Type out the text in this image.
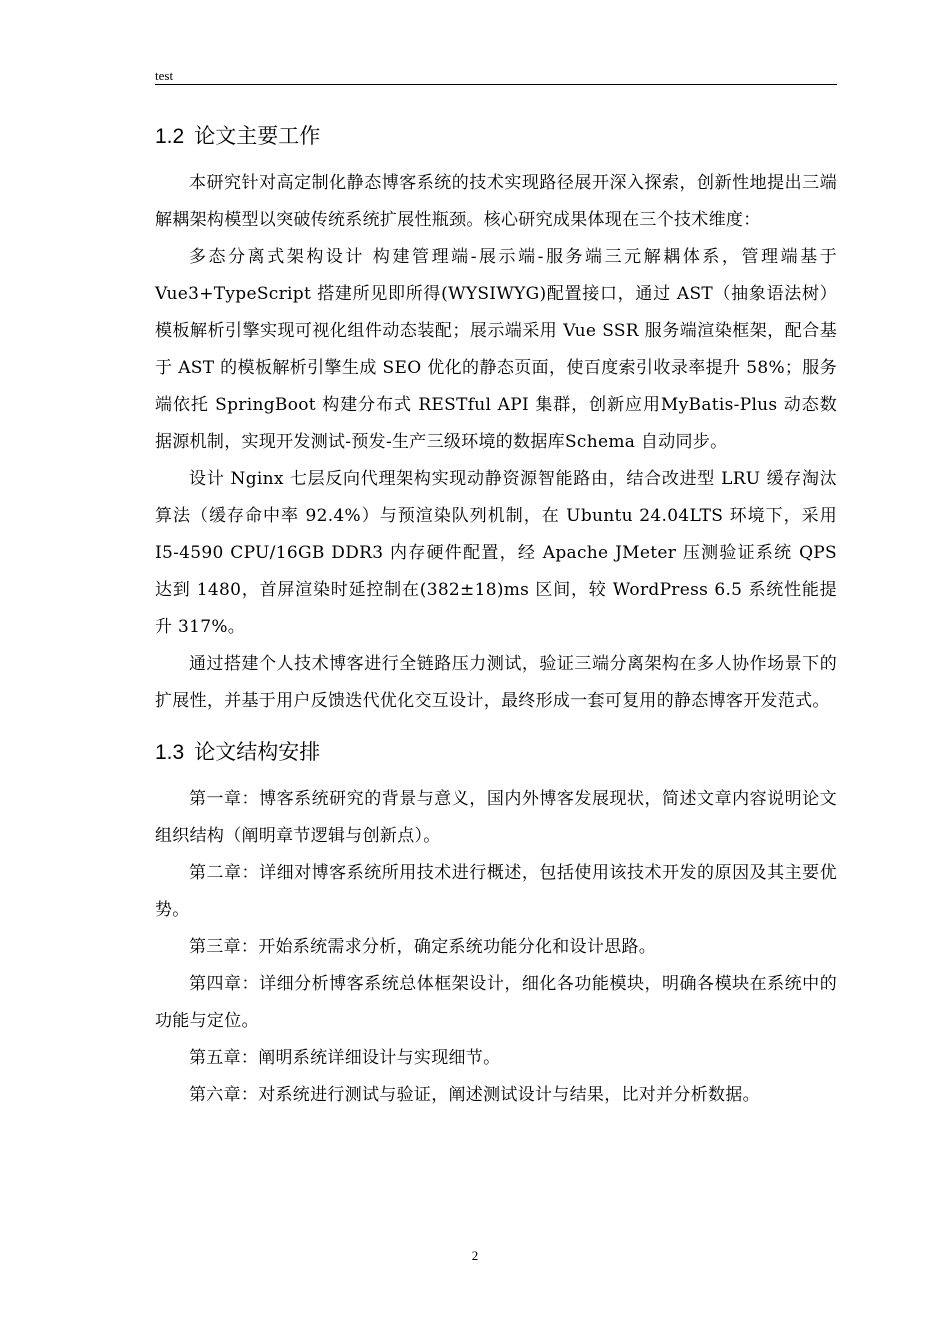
test
1.2 论文主要工作

本研究针对高定制化静态博客系统的技术实现路径展开深入探索，创新性地提出三端解耦架构模型以突破传统系统扩展性瓶颈。核心研究成果体现在三个技术维度：

多态分离式架构设计 构建管理端-展示端-服务端三元解耦体系，管理端基于Vue3+TypeScript 搭建所见即所得(WYSIWYG)配置接口，通过 AST（抽象语法树）模板解析引擎实现可视化组件动态装配；展示端采用 Vue SSR 服务端渲染框架，配合基于 AST 的模板解析引擎生成 SEO 优化的静态页面，使百度索引收录率提升 58%；服务端依托 SpringBoot 构建分布式 RESTful API 集群，创新应用MyBatis-Plus 动态数据源机制，实现开发测试-预发-生产三级环境的数据库Schema 自动同步。

设计 Nginx 七层反向代理架构实现动静资源智能路由，结合改进型 LRU 缓存淘汰算法（缓存命中率 92.4%）与预渲染队列机制，在 Ubuntu 24.04LTS 环境下，采用 I5-4590 CPU/16GB DDR3 内存硬件配置，经 Apache JMeter 压测验证系统 QPS 达到 1480，首屏渲染时延控制在(382±18)ms 区间，较 WordPress 6.5 系统性能提升 317%。

通过搭建个人技术博客进行全链路压力测试，验证三端分离架构在多人协作场景下的扩展性，并基于用户反馈迭代优化交互设计，最终形成一套可复用的静态博客开发范式。

1.3 论文结构安排

第一章：博客系统研究的背景与意义，国内外博客发展现状，简述文章内容说明论文组织结构（阐明章节逻辑与创新点）。

第二章：详细对博客系统所用技术进行概述，包括使用该技术开发的原因及其主要优势。

第三章：开始系统需求分析，确定系统功能分化和设计思路。

第四章：详细分析博客系统总体框架设计，细化各功能模块，明确各模块在系统中的功能与定位。

第五章：阐明系统详细设计与实现细节。

第六章：对系统进行测试与验证，阐述测试设计与结果，比对并分析数据。

2
